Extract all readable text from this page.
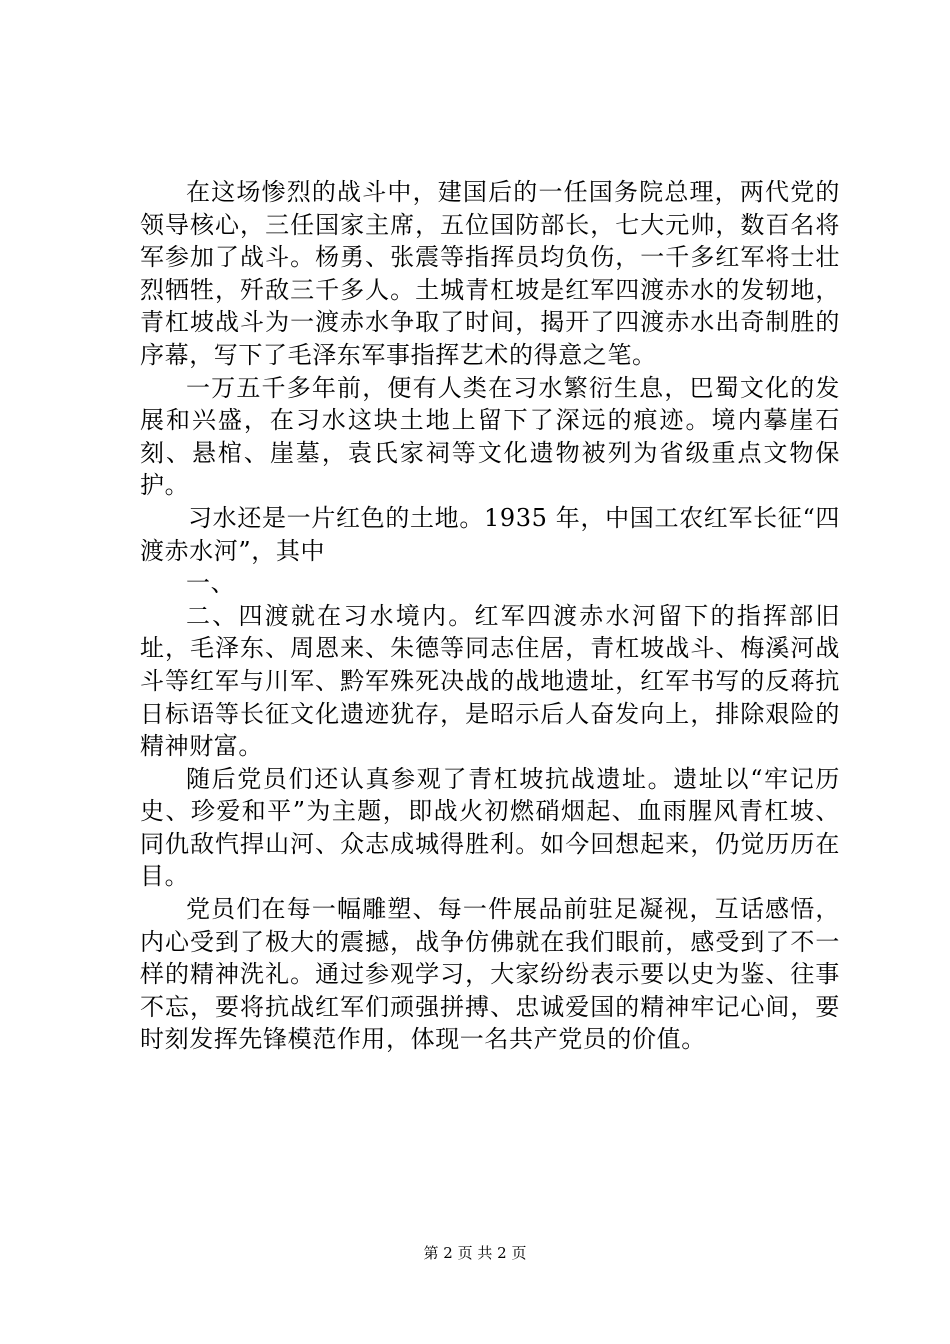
在这场惨烈的战斗中，建国后的一任国务院总理，两代党的领导核心，三任国家主席，五位国防部长，七大元帅，数百名将军参加了战斗。杨勇、张震等指挥员均负伤，一千多红军将士壮烈牺牲，歼敌三千多人。土城青杠坡是红军四渡赤水的发轫地，青杠坡战斗为一渡赤水争取了时间，揭开了四渡赤水出奇制胜的序幕，写下了毛泽东军事指挥艺术的得意之笔。

一万五千多年前，便有人类在习水繁衍生息，巴蜀文化的发展和兴盛，在习水这块土地上留下了深远的痕迹。境内摹崖石刻、悬棺、崖墓，袁氏家祠等文化遗物被列为省级重点文物保护。

习水还是一片红色的土地。1935 年，中国工农红军长征“四渡赤水河”，其中

一、

二、四渡就在习水境内。红军四渡赤水河留下的指挥部旧址，毛泽东、周恩来、朱德等同志住居，青杠坡战斗、梅溪河战斗等红军与川军、黔军殊死决战的战地遗址，红军书写的反蒋抗日标语等长征文化遗迹犹存，是昭示后人奋发向上，排除艰险的精神财富。

随后党员们还认真参观了青杠坡抗战遗址。遗址以“牢记历史、珍爱和平”为主题，即战火初燃硝烟起、血雨腥风青杠坡、同仇敌忾捍山河、众志成城得胜利。如今回想起来，仍觉历历在目。

党员们在每一幅雕塑、每一件展品前驻足凝视，互话感悟，内心受到了极大的震撼，战争仿佛就在我们眼前，感受到了不一样的精神洗礼。通过参观学习，大家纷纷表示要以史为鉴、往事不忘，要将抗战红军们顽强拼搏、忠诚爱国的精神牢记心间，要时刻发挥先锋模范作用，体现一名共产党员的价值。

第 2 页 共 2 页
